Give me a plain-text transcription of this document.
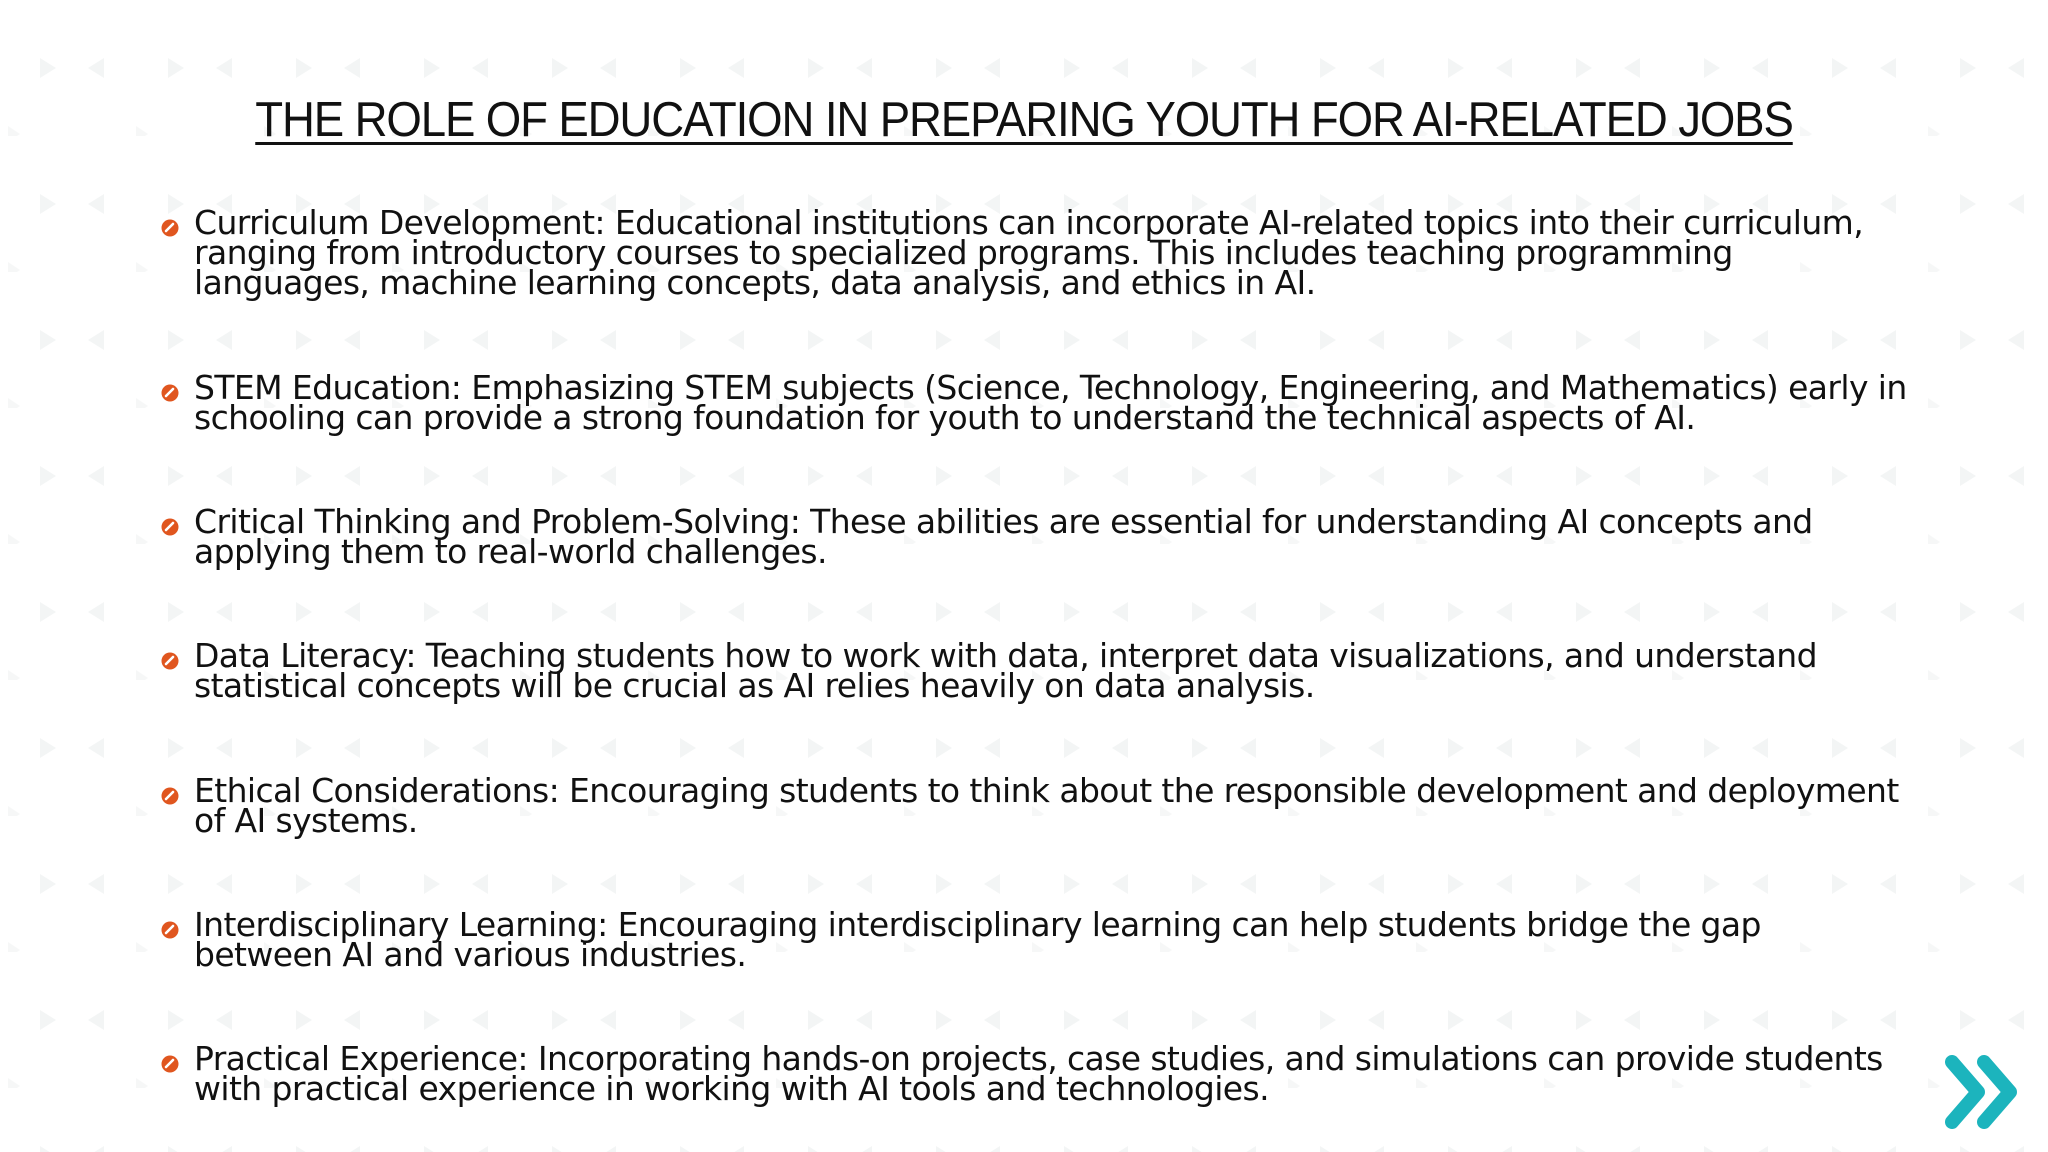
THE ROLE OF EDUCATION IN PREPARING YOUTH FOR AI-RELATED JOBS
Curriculum Development: Educational institutions can incorporate AI-related topics into their curriculum,
ranging from introductory courses to specialized programs. This includes teaching programming
languages, machine learning concepts, data analysis, and ethics in AI.
STEM Education: Emphasizing STEM subjects (Science, Technology, Engineering, and Mathematics) early in
schooling can provide a strong foundation for youth to understand the technical aspects of AI.
Critical Thinking and Problem-Solving: These abilities are essential for understanding AI concepts and
applying them to real-world challenges.
Data Literacy: Teaching students how to work with data, interpret data visualizations, and understand
statistical concepts will be crucial as AI relies heavily on data analysis.
Ethical Considerations: Encouraging students to think about the responsible development and deployment
of AI systems.
Interdisciplinary Learning: Encouraging interdisciplinary learning can help students bridge the gap
between AI and various industries.
Practical Experience: Incorporating hands-on projects, case studies, and simulations can provide students
with practical experience in working with AI tools and technologies.
